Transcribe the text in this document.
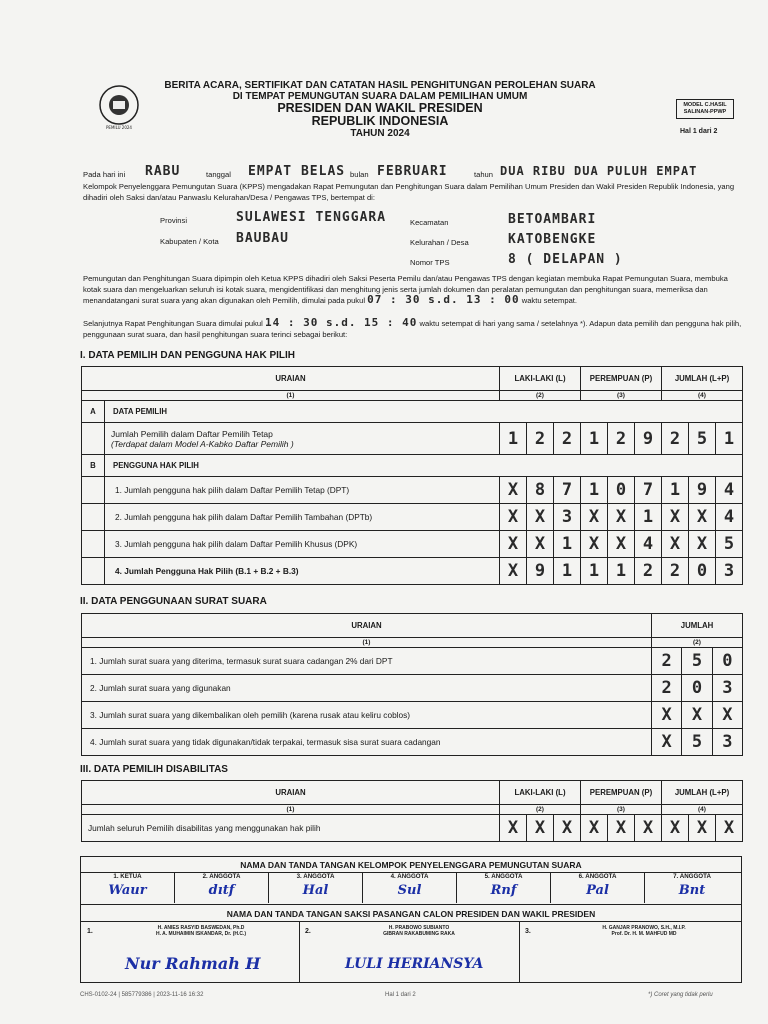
PEMILU 2024
BERITA ACARA, SERTIFIKAT DAN CATATAN HASIL PENGHITUNGAN PEROLEHAN SUARA
DI TEMPAT PEMUNGUTAN SUARA DALAM PEMILIHAN UMUM
PRESIDEN DAN WAKIL PRESIDEN
REPUBLIK INDONESIA
TAHUN 2024
MODEL C.HASIL SALINAN-PPWP
Hal 1 dari 2
Pada hari ini RABU	tanggal EMPAT BELAS bulan FEBRUARI	tahun DUA RIBU DUA PULUH EMPAT
Kelompok Penyelenggara Pemungutan Suara (KPPS) mengadakan Rapat Pemungutan dan Penghitungan Suara dalam Pemilihan Umum Presiden dan Wakil Presiden Republik Indonesia, yang dihadiri oleh Saksi dan/atau Panwaslu Kelurahan/Desa / Pengawas TPS, bertempat di:
Provinsi	SULAWESI TENGGARA
Kabupaten / Kota BAUBAU
Kecamatan	BETOAMBARI
Kelurahan / Desa	KATOBENGKE
Nomor TPS	8 ( DELAPAN )
Pemungutan dan Penghitungan Suara dipimpin oleh Ketua KPPS dihadiri oleh Saksi Peserta Pemilu dan/atau Pengawas TPS dengan kegiatan membuka Rapat Pemungutan Suara, membuka kotak suara dan mengeluarkan seluruh isi kotak suara, mengidentifikasi dan menghitung jenis serta jumlah dokumen dan peralatan pemungutan dan penghitungan suara, memeriksa dan menandatangani surat suara yang akan digunakan oleh Pemilih, dimulai pada pukul 07 : 30 s.d. 13 : 00 waktu setempat.
Selanjutnya Rapat Penghitungan Suara dimulai pukul 14 : 30 s.d. 15 : 40 waktu setempat di hari yang sama / setelahnya *). Adapun data pemilih dan pengguna hak pilih, penggunaan surat suara, dan hasil penghitungan suara terinci sebagai berikut:
I. DATA PEMILIH DAN PENGGUNA HAK PILIH
URAIAN		LAKI-LAKI (L)			PEREMPUAN (P)			JUMLAH (L+P)		
(1)		(2)			(3)			(4)		
A	DATA PEMILIH									

	Jumlah Pemilih dalam Daftar Pemilih Tetap
(Terdapat dalam Model A-Kabko Daftar Pemilih )	1	2	2	1	2	9	2	5	1
B	PENGGUNA HAK PILIH									
	1. Jumlah pengguna hak pilih dalam Daftar Pemilih Tetap (DPT)	X	8	7	1	0	7	1	9	4
	2. Jumlah pengguna hak pilih dalam Daftar Pemilih Tambahan (DPTb)	X	X	3	X	X	1	X	X	4
	3. Jumlah pengguna hak pilih dalam Daftar Pemilih Khusus (DPK)	X	X	1	X	X	4	X	X	5
	4. Jumlah Pengguna Hak Pilih (B.1 + B.2 + B.3)	X	9	1	1	1	2	2	0	3
II. DATA PENGGUNAAN SURAT SUARA
URAIAN	JUMLAH		
(1)	(2)		
1. Jumlah surat suara yang diterima, termasuk surat suara cadangan 2% dari DPT	2	5	0
2. Jumlah surat suara yang digunakan	2	0	3
3. Jumlah surat suara yang dikembalikan oleh pemilih (karena rusak atau keliru coblos)	X	X	X
4. Jumlah surat suara yang tidak digunakan/tidak terpakai, termasuk sisa surat suara cadangan	X	5	3
III. DATA PEMILIH DISABILITAS
URAIAN	LAKI-LAKI (L)			PEREMPUAN (P)			JUMLAH (L+P)		
(1)	(2)			(3)			(4)		
Jumlah seluruh Pemilih disabilitas yang menggunakan hak pilih	X	X	X	X	X	X	X	X	X
NAMA DAN TANDA TANGAN KELOMPOK PENYELENGGARA PEMUNGUTAN SUARA
1. KETUA
Waur
2. ANGGOTA
dıtf
3. ANGGOTA
Hal
4. ANGGOTA
Sul
5. ANGGOTA
Rnf
6. ANGGOTA
Pal
7. ANGGOTA
Bnt
NAMA DAN TANDA TANGAN SAKSI PASANGAN CALON PRESIDEN DAN WAKIL PRESIDEN
1.	H. ANIES RASYID BASWEDAN, Ph.D
H. A. MUHAIMIN ISKANDAR, Dr. (H.C.)
Nur Rahmah H
2.	H. PRABOWO SUBIANTO
GIBRAN RAKABUMING RAKA
LULI HERIANSYA
3.	H. GANJAR PRANOWO, S.H., M.I.P.
Prof. Dr. H. M. MAHFUD MD
CHS-0102-24 | 585779386 | 2023-11-16 16:32	Hal 1 dari 2	*) Coret yang tidak perlu
